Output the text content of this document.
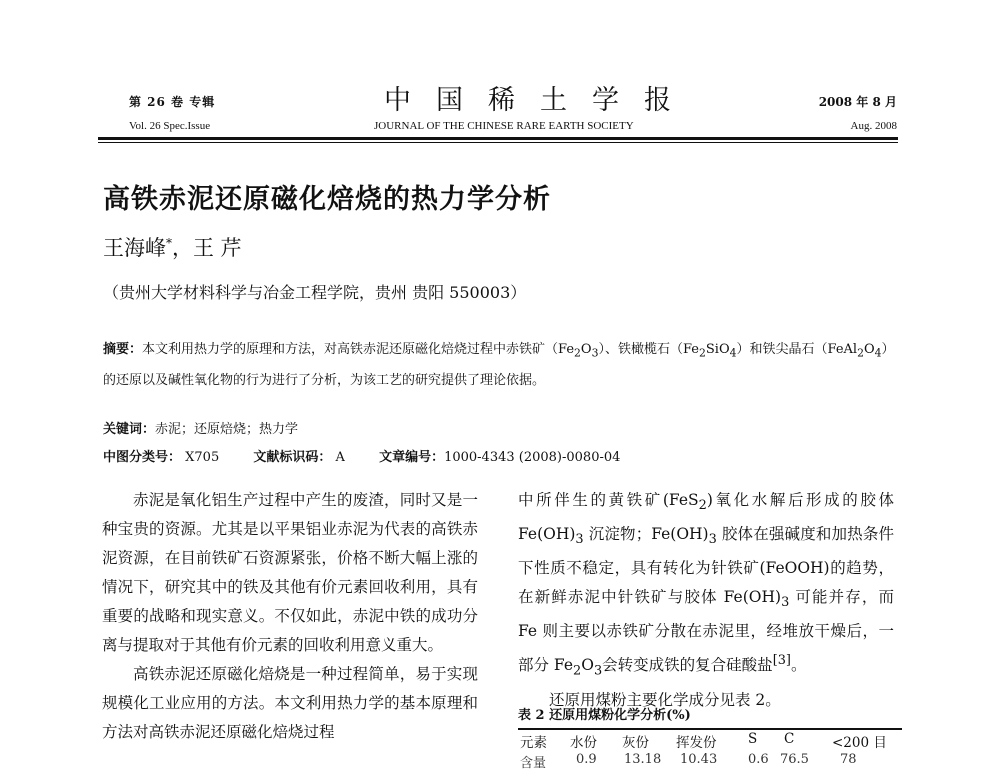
第 26 卷 专辑
Vol. 26 Spec.Issue
中国稀土学报
JOURNAL OF THE CHINESE RARE EARTH SOCIETY
2008 年 8 月
Aug. 2008
高铁赤泥还原磁化焙烧的热力学分析
王海峰*，王 芹
（贵州大学材料科学与冶金工程学院，贵州 贵阳 550003）
摘要：本文利用热力学的原理和方法，对高铁赤泥还原磁化焙烧过程中赤铁矿$(Fe_2O_3)$、铁橄榄石$(Fe_2SiO_4)$和铁尖晶石$(FeAl_2O_4)$的还原以及碱性氧化物的行为进行了分析，为该工艺的研究提供了理论依据。
关键词：赤泥；还原焙烧；热力学
中图分类号： X705	文献标识码： A	文章编号：1000-4343 (2008)-0080-04

赤泥是氧化铝生产过程中产生的废渣，同时又是一种宝贵的资源。尤其是以平果铝业赤泥为代表的高铁赤泥资源，在目前铁矿石资源紧张，价格不断大幅上涨的情况下，研究其中的铁及其他有价元素回收利用，具有重要的战略和现实意义。不仅如此，赤泥中铁的成功分离与提取对于其他有价元素的回收利用意义重大。

高铁赤泥还原磁化焙烧是一种过程简单，易于实现规模化工业应用的方法。本文利用热力学的基本原理和方法对高铁赤泥还原磁化焙烧过程

中所伴生的黄铁矿(FeS$_2$)氧化水解后形成的胶体$Fe(OH)_3$ 沉淀物；$Fe(OH)_3$ 胶体在强碱度和加热条件下性质不稳定，具有转化为针铁矿(FeOOH)的趋势，在新鲜赤泥中针铁矿与胶体 $Fe(OH)_3$ 可能并存，而 Fe 则主要以赤铁矿分散在赤泥里，经堆放干燥后，一部分 $Fe_2O_3$会转变成铁的复合硅酸盐[3]。

还原用煤粉主要化学成分见表 2。

表 2 还原用煤粉化学分析(%)
元素 水份 灰份 挥发份 S C	<200 目
含量 0.9 13.18 10.43 0.6 76.5 78
